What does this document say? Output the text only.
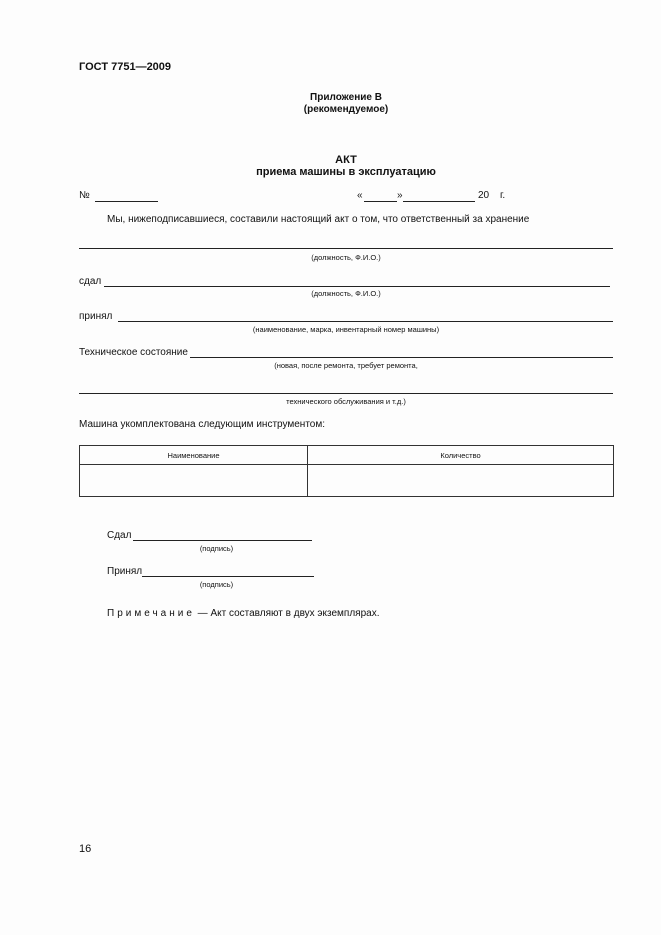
ГОСТ 7751—2009
Приложение В
(рекомендуемое)
АКТ
приема машины в эксплуатацию
№	«	»	20 г.
Мы, нижеподписавшиеся, составили настоящий акт о том, что ответственный за хранение
(должность, Ф.И.О.)
сдал
(должность, Ф.И.О.)
принял
(наименование, марка, инвентарный номер машины)
Техническое состояние
(новая, после ремонта, требует ремонта,
технического обслуживания и т.д.)
Машина укомплектована следующим инструментом:
Наименование	Количество

Сдал
(подпись)
Принял
(подпись)
Примечание — Акт составляют в двух экземплярах.
16
